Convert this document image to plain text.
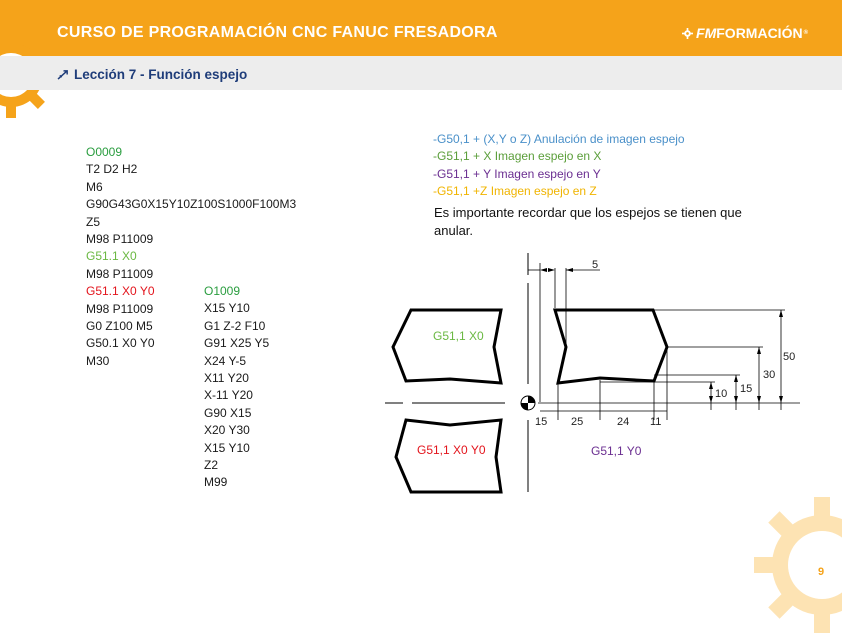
CURSO DE PROGRAMACIÓN CNC FANUC FRESADORA	FM FORMACIÓN ®
Lección 7 - Función espejo
O0009
T2 D2 H2
M6
G90G43G0X15Y10Z100S1000F100M3
Z5
M98 P11009
G51.1 X0
M98 P11009
G51.1 X0 Y0
M98 P11009
G0 Z100 M5
G50.1 X0 Y0
M30
O1009
X15 Y10
G1 Z-2 F10
G91 X25 Y5
X24 Y-5
X11 Y20
X-11 Y20
G90 X15
X20 Y30
X15 Y10
Z2
M99
-G50,1 + (X,Y o Z) Anulación de imagen espejo
-G51,1 + X Imagen espejo en X
-G51,1 + Y Imagen espejo en Y
-G51,1 +Z Imagen espejo en Z
Es importante recordar que los espejos se tienen que anular.
5
15 25	24 11
10 15
30
50
G51,1 X0
G51,1 X0 Y0	G51,1 Y0
9
